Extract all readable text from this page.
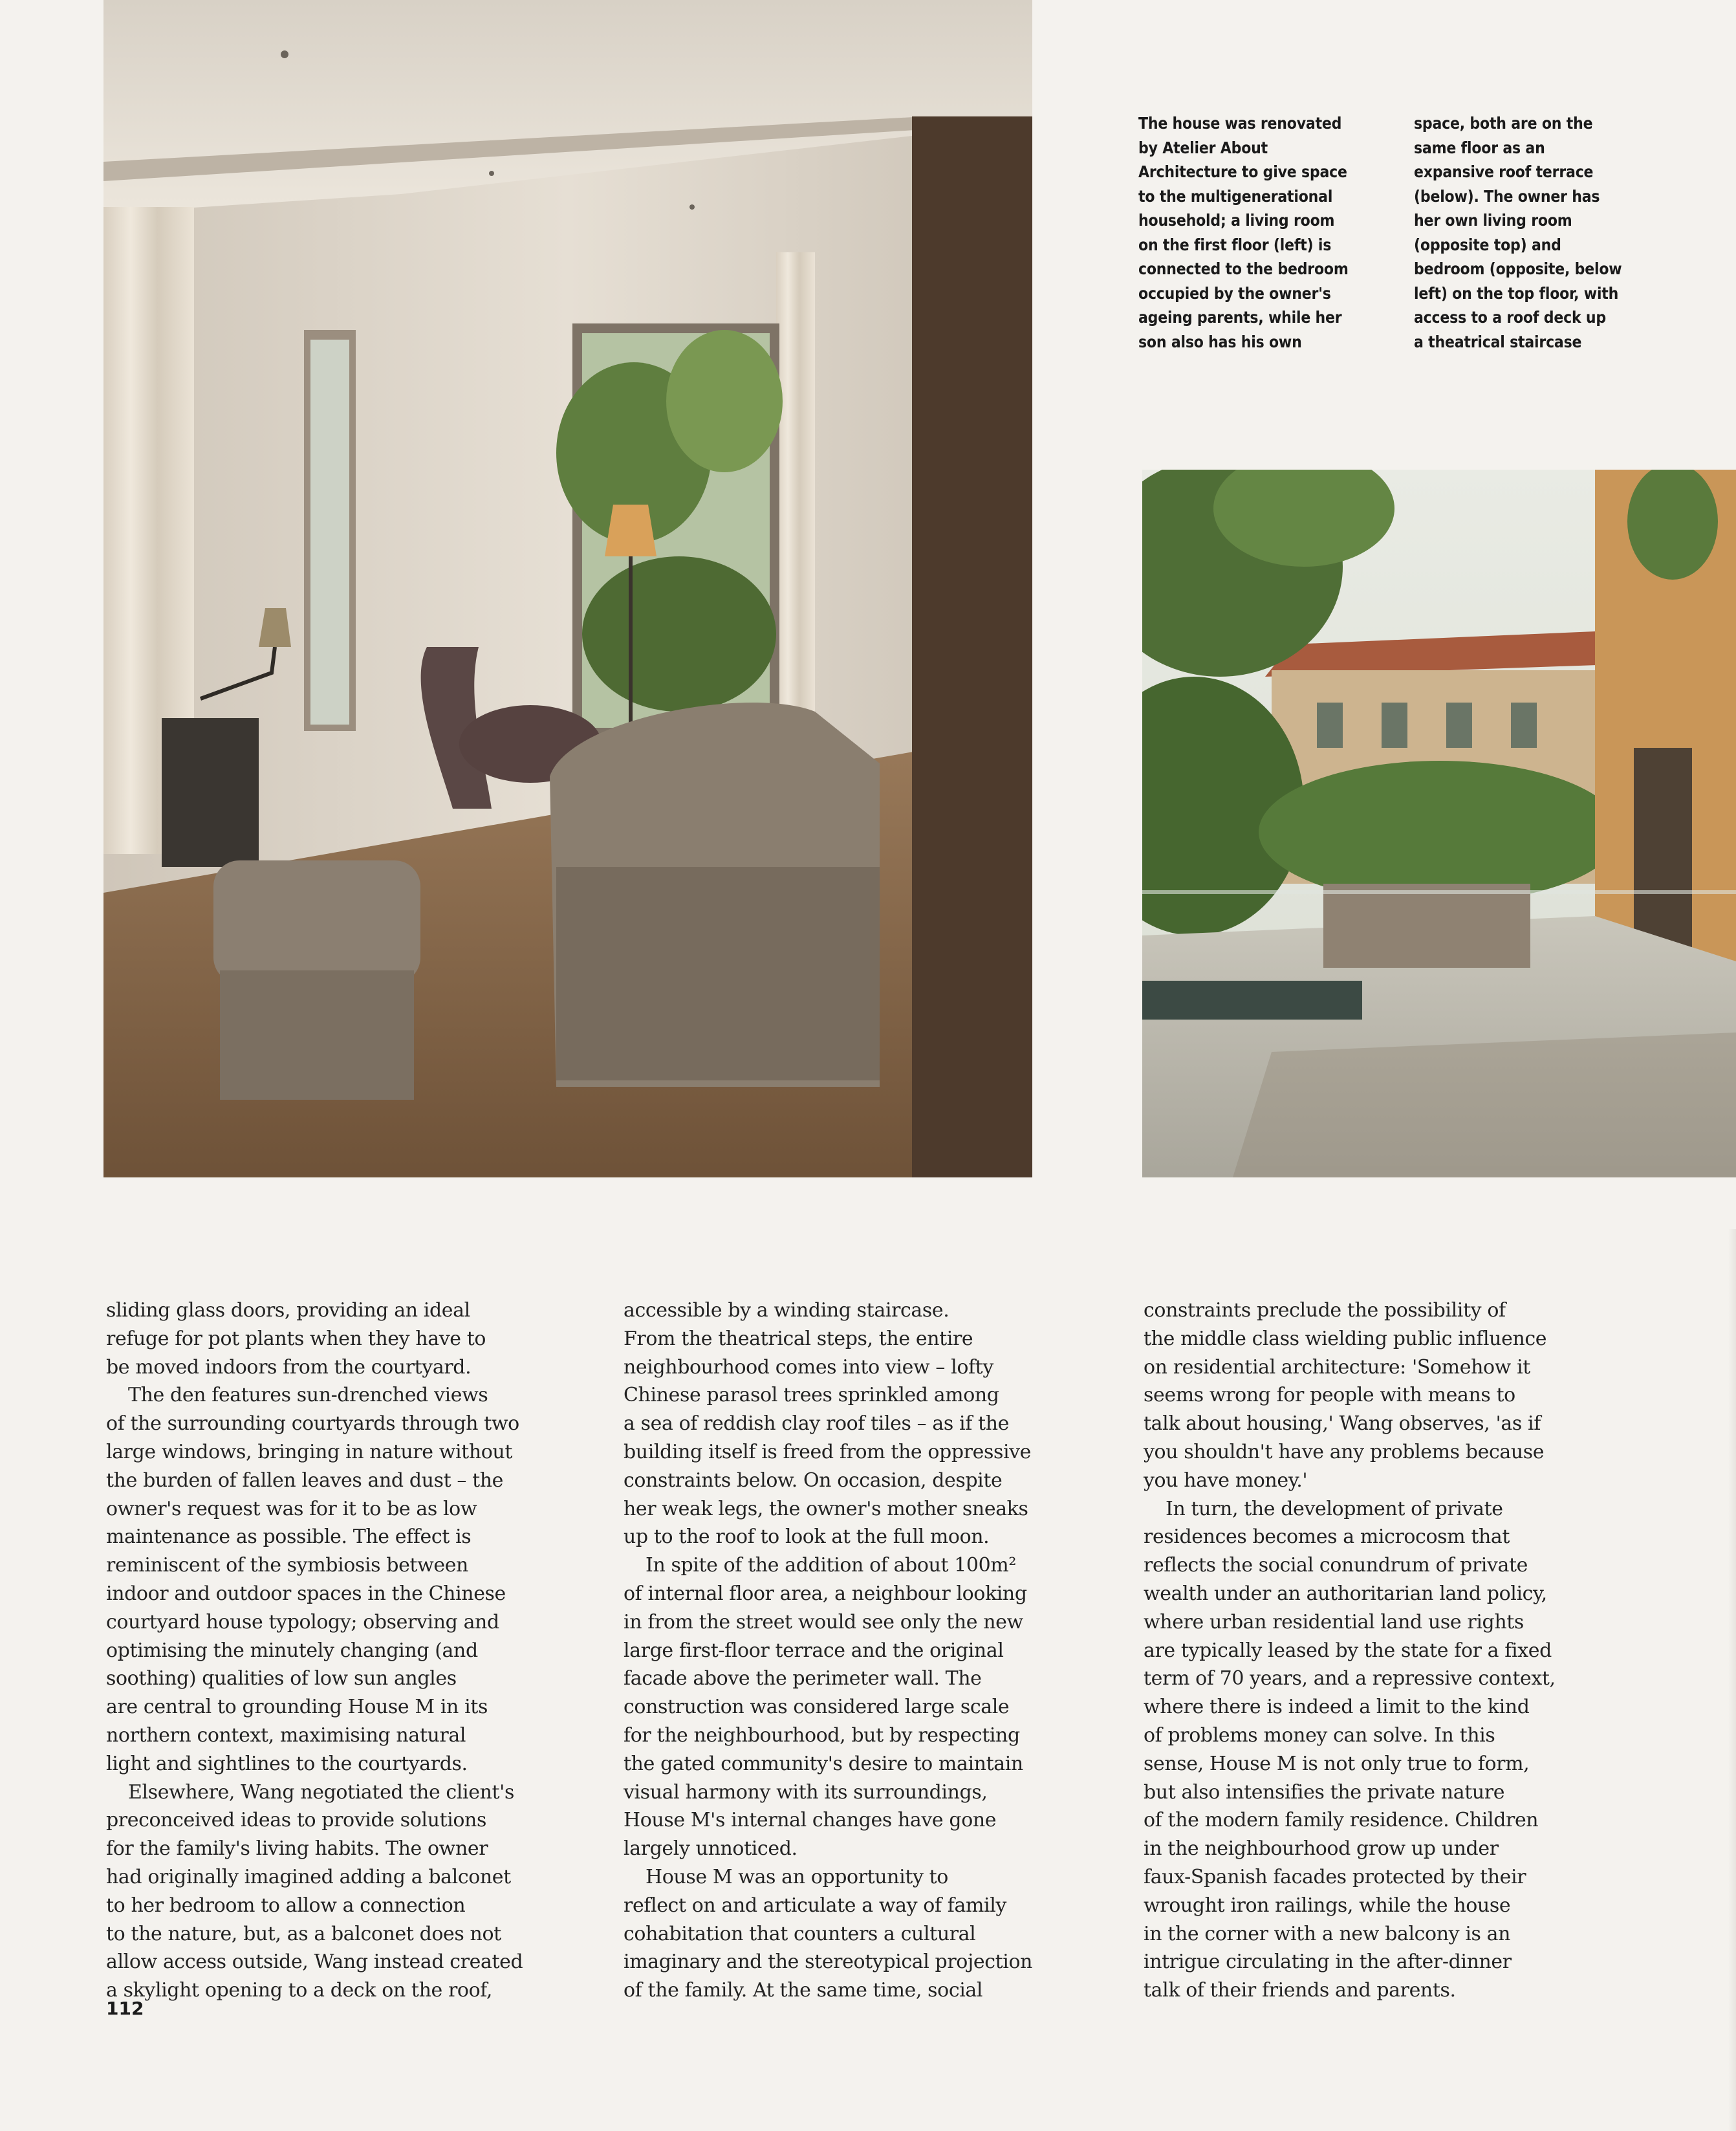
The house was renovated
by Atelier About
Architecture to give space
to the multigenerational
household; a living room
on the first floor (left) is
connected to the bedroom
occupied by the owner's
ageing parents, while her
son also has his own

space, both are on the
same floor as an
expansive roof terrace
(below). The owner has
her own living room
(opposite top) and
bedroom (opposite, below
left) on the top floor, with
access to a roof deck up
a theatrical staircase

sliding glass doors, providing an ideal
refuge for pot plants when they have to
be moved indoors from the courtyard.
The den features sun-drenched views
of the surrounding courtyards through two
large windows, bringing in nature without
the burden of fallen leaves and dust – the
owner's request was for it to be as low
maintenance as possible. The effect is
reminiscent of the symbiosis between
indoor and outdoor spaces in the Chinese
courtyard house typology; observing and
optimising the minutely changing (and
soothing) qualities of low sun angles
are central to grounding House M in its
northern context, maximising natural
light and sightlines to the courtyards.
Elsewhere, Wang negotiated the client's
preconceived ideas to provide solutions
for the family's living habits. The owner
had originally imagined adding a balconet
to her bedroom to allow a connection
to the nature, but, as a balconet does not
allow access outside, Wang instead created
a skylight opening to a deck on the roof,
accessible by a winding staircase.
From the theatrical steps, the entire
neighbourhood comes into view – lofty
Chinese parasol trees sprinkled among
a sea of reddish clay roof tiles – as if the
building itself is freed from the oppressive
constraints below. On occasion, despite
her weak legs, the owner's mother sneaks
up to the roof to look at the full moon.
In spite of the addition of about 100m²
of internal floor area, a neighbour looking
in from the street would see only the new
large first-floor terrace and the original
facade above the perimeter wall. The
construction was considered large scale
for the neighbourhood, but by respecting
the gated community's desire to maintain
visual harmony with its surroundings,
House M's internal changes have gone
largely unnoticed.
House M was an opportunity to
reflect on and articulate a way of family
cohabitation that counters a cultural
imaginary and the stereotypical projection
of the family. At the same time, social
constraints preclude the possibility of
the middle class wielding public influence
on residential architecture: 'Somehow it
seems wrong for people with means to
talk about housing,' Wang observes, 'as if
you shouldn't have any problems because
you have money.'
In turn, the development of private
residences becomes a microcosm that
reflects the social conundrum of private
wealth under an authoritarian land policy,
where urban residential land use rights
are typically leased by the state for a fixed
term of 70 years, and a repressive context,
where there is indeed a limit to the kind
of problems money can solve. In this
sense, House M is not only true to form,
but also intensifies the private nature
of the modern family residence. Children
in the neighbourhood grow up under
faux-Spanish facades protected by their
wrought iron railings, while the house
in the corner with a new balcony is an
intrigue circulating in the after-dinner
talk of their friends and parents.
112
